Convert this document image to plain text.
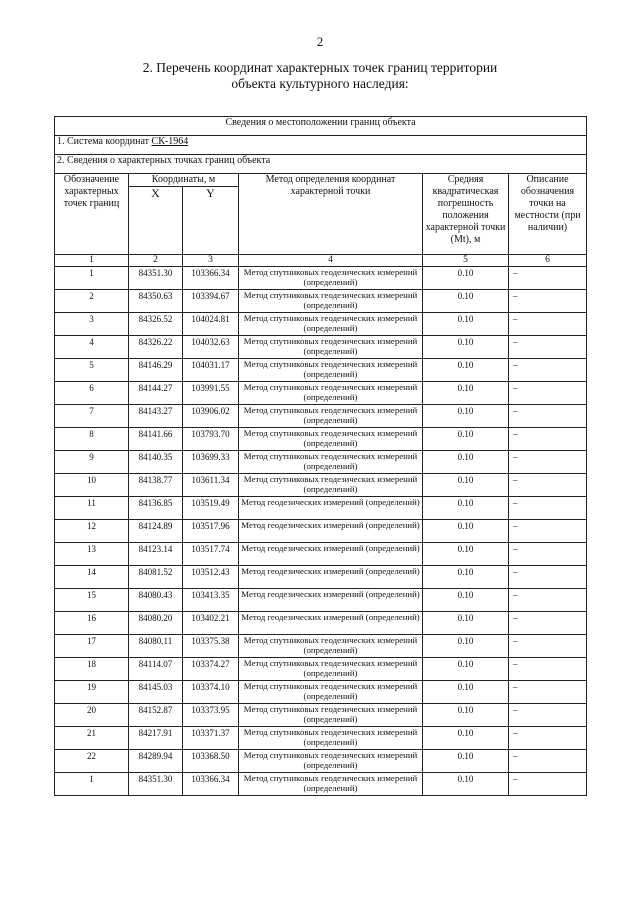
2
2. Перечень координат характерных точек границ территории
объекта культурного наследия:
Сведения о местоположении границ объекта					
1. Система координат СК-1964					
2. Сведения о характерных точках границ объекта					
Обозначение характерных точек границ	Координаты, м		Метод определения координат характерной точки	Средняя квадратическая погрешность положения характерной точки (Mt), м	Описание обозначения точки на местности (при наличии)
	X	Y			
1	2	3	4	5	6
1	84351.30	103366.34	Метод спутниковых геодезических измерений (определений)	0.10	–
2	84350.63	103394.67	Метод спутниковых геодезических измерений (определений)	0.10	–
3	84326.52	104024.81	Метод спутниковых геодезических измерений (определений)	0.10	–
4	84326.22	104032.63	Метод спутниковых геодезических измерений (определений)	0.10	–
5	84146.29	104031.17	Метод спутниковых геодезических измерений (определений)	0.10	–
6	84144.27	103991.55	Метод спутниковых геодезических измерений (определений)	0.10	–
7	84143.27	103906.02	Метод спутниковых геодезических измерений (определений)	0.10	–
8	84141.66	103793.70	Метод спутниковых геодезических измерений (определений)	0.10	–
9	84140.35	103699.33	Метод спутниковых геодезических измерений (определений)	0.10	–
10	84138.77	103611.34	Метод спутниковых геодезических измерений (определений)	0.10	–
11	84136.85	103519.49	Метод геодезических измерений (определений)	0.10	–
12	84124.89	103517.96	Метод геодезических измерений (определений)	0.10	–
13	84123.14	103517.74	Метод геодезических измерений (определений)	0.10	–
14	84081.52	103512.43	Метод геодезических измерений (определений)	0.10	–
15	84080.43	103413.35	Метод геодезических измерений (определений)	0.10	–
16	84080.20	103402.21	Метод геодезических измерений (определений)	0.10	–
17	84080.11	103375.38	Метод спутниковых геодезических измерений (определений)	0.10	–
18	84114.07	103374.27	Метод спутниковых геодезических измерений (определений)	0.10	–
19	84145.03	103374.10	Метод спутниковых геодезических измерений (определений)	0.10	–
20	84152.87	103373.95	Метод спутниковых геодезических измерений (определений)	0.10	–
21	84217.91	103371.37	Метод спутниковых геодезических измерений (определений)	0.10	–
22	84289.94	103368.50	Метод спутниковых геодезических измерений (определений)	0.10	–
1	84351.30	103366.34	Метод спутниковых геодезических измерений (определений)	0.10	–
